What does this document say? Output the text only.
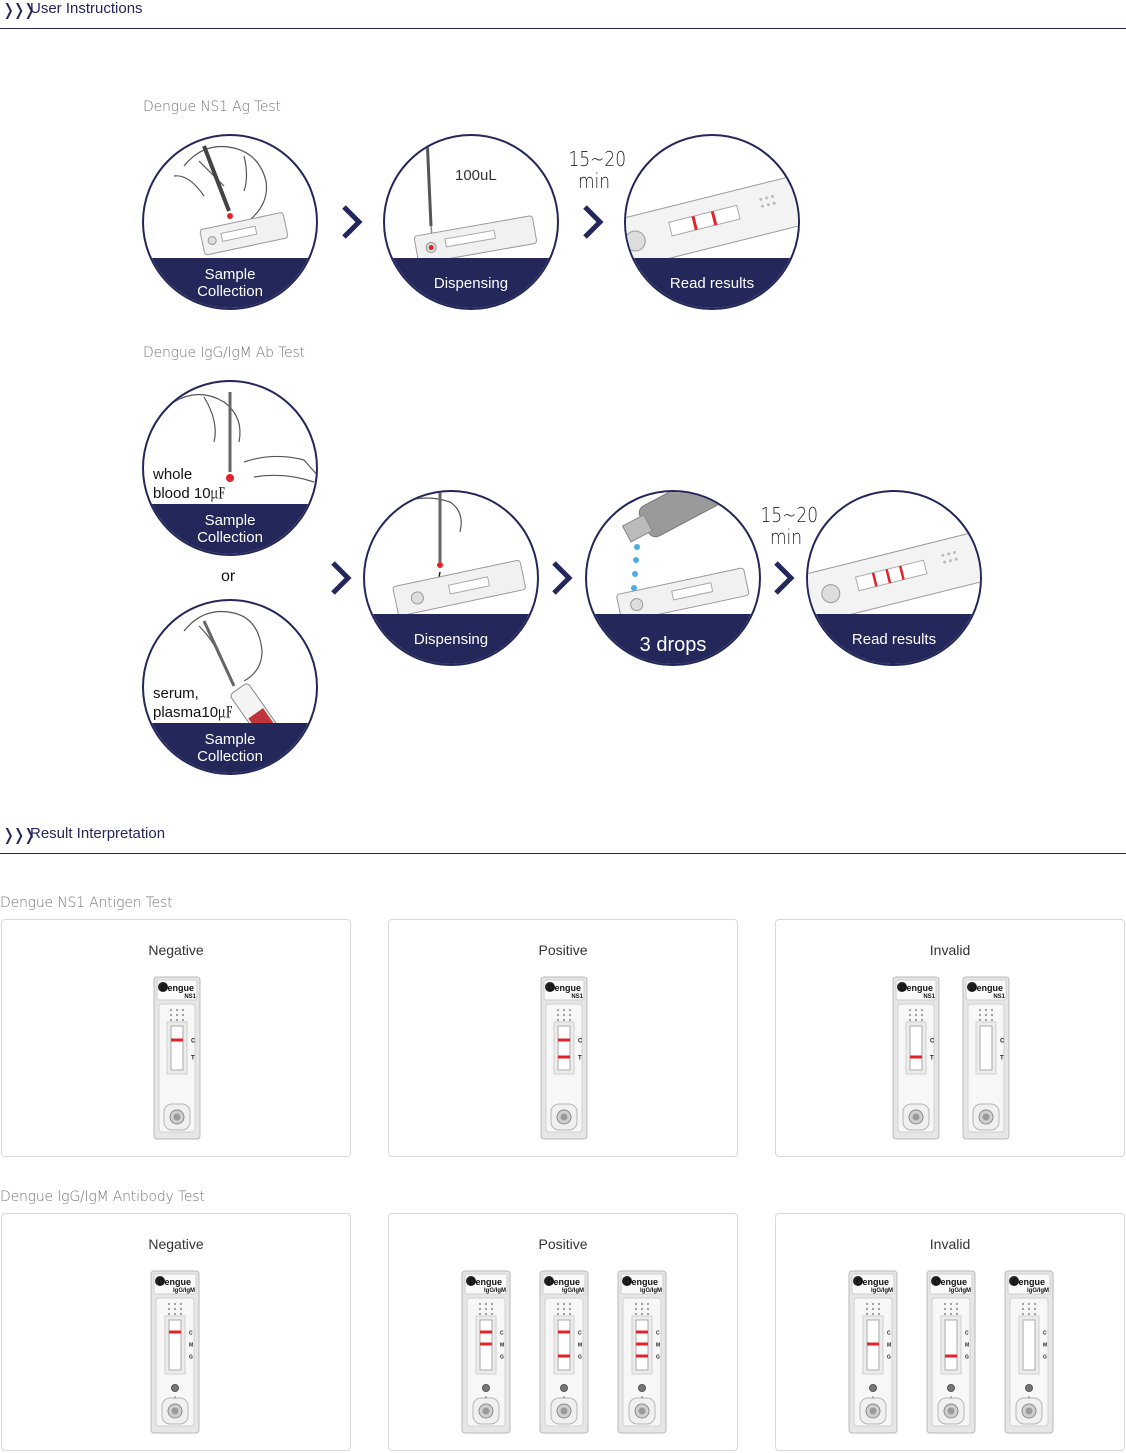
❭❭❭
User Instructions
Dengue NS1 Ag Test
Sample
Collection
100uL
Dispensing
15~20
min
Read results
Dengue IgG/IgM Ab Test
whole
blood 10㎌
Sample
Collection
or
serum,
plasma10㎌
Sample
Collection
Dispensing	3 drops
15~20
min
Read results
❭❭❭
Result Interpretation
Dengue NS1 Antigen Test
Negative
Dengue
NS1
C
T
Positive
Dengue
NS1
C
T
Invalid
Dengue
NS1
C
T
Dengue
NS1
C
T
Dengue IgG/IgM Antibody Test
Negative
Dengue
IgG/IgM
C
M
G
Positive
Dengue
IgG/IgM
C
M
G
Dengue
IgG/IgM
C
M
G
Dengue
IgG/IgM
C
M
G
Invalid
Dengue
IgG/IgM
C
M
G
Dengue
IgG/IgM
C
M
G
Dengue
IgG/IgM
C
M
G
